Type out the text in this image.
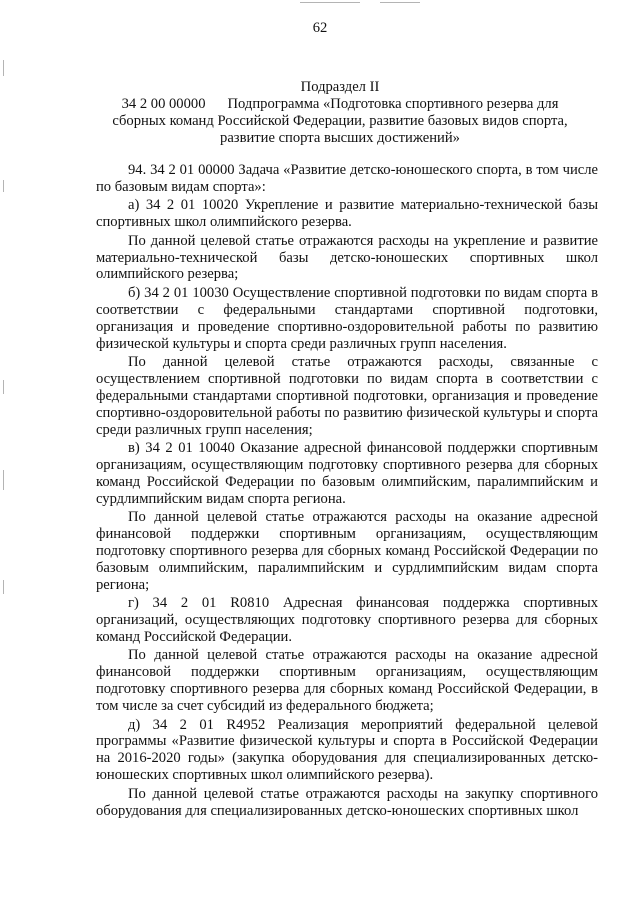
62
Подраздел II
34 2 00 00000 Подпрограмма «Подготовка спортивного резерва для
сборных команд Российской Федерации, развитие базовых видов спорта,
развитие спорта высших достижений»

94. 34 2 01 00000 Задача «Развитие детско-юношеского спорта, в том числе по базовым видам спорта»:

а) 34 2 01 10020 Укрепление и развитие материально-технической базы спортивных школ олимпийского резерва.

По данной целевой статье отражаются расходы на укрепление и развитие материально-технической базы детско-юношеских спортивных школ олимпийского резерва;

б) 34 2 01 10030 Осуществление спортивной подготовки по видам спорта в соответствии с федеральными стандартами спортивной подготовки, организация и проведение спортивно-оздоровительной работы по развитию физической культуры и спорта среди различных групп населения.

По данной целевой статье отражаются расходы, связанные с осуществлением спортивной подготовки по видам спорта в соответствии с федеральными стандартами спортивной подготовки, организация и проведение спортивно-оздоровительной работы по развитию физической культуры и спорта среди различных групп населения;

в) 34 2 01 10040 Оказание адресной финансовой поддержки спортивным организациям, осуществляющим подготовку спортивного резерва для сборных команд Российской Федерации по базовым олимпийским, паралимпийским и сурдлимпийским видам спорта региона.

По данной целевой статье отражаются расходы на оказание адресной финансовой поддержки спортивным организациям, осуществляющим подготовку спортивного резерва для сборных команд Российской Федерации по базовым олимпийским, паралимпийским и сурдлимпийским видам спорта региона;

г) 34 2 01 R0810 Адресная финансовая поддержка спортивных организаций, осуществляющих подготовку спортивного резерва для сборных команд Российской Федерации.

По данной целевой статье отражаются расходы на оказание адресной финансовой поддержки спортивным организациям, осуществляющим подготовку спортивного резерва для сборных команд Российской Федерации, в том числе за счет субсидий из федерального бюджета;

д) 34 2 01 R4952 Реализация мероприятий федеральной целевой программы «Развитие физической культуры и спорта в Российской Федерации на 2016-2020 годы» (закупка оборудования для специализированных детско-юношеских спортивных школ олимпийского резерва).

По данной целевой статье отражаются расходы на закупку спортивного оборудования для специализированных детско-юношеских спортивных школ
